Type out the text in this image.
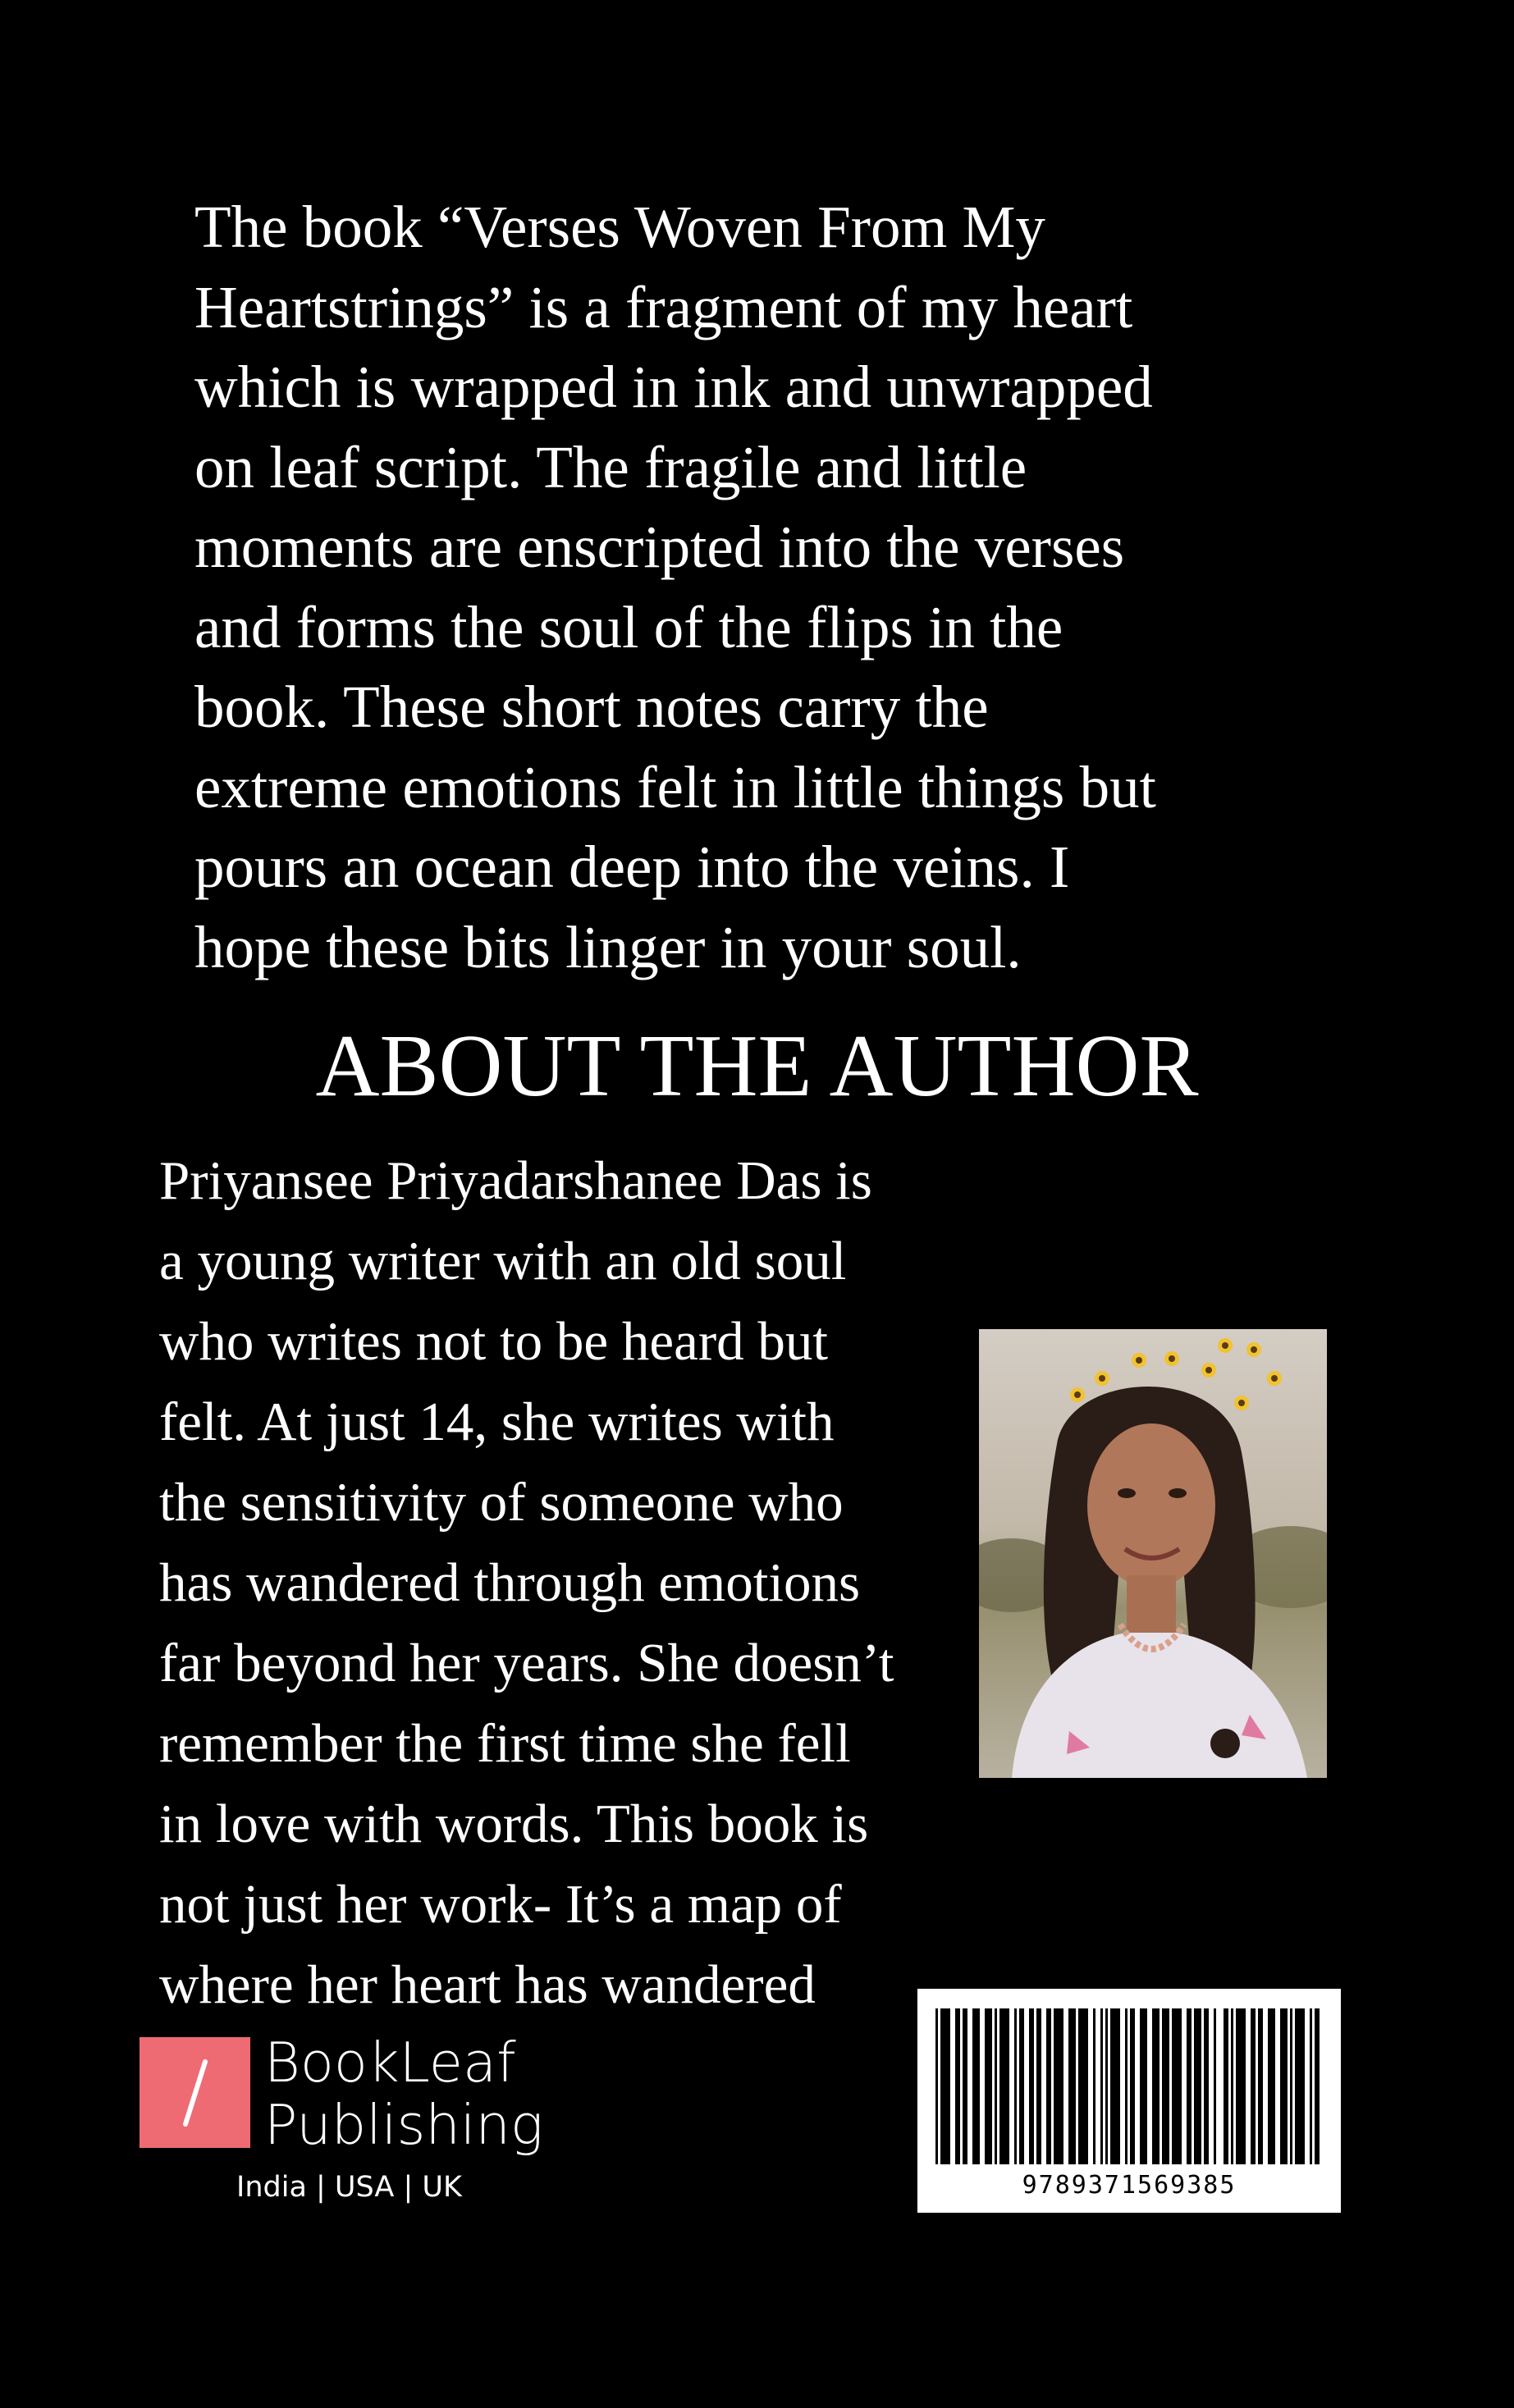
The book “Verses Woven From My
Heartstrings” is a fragment of my heart
which is wrapped in ink and unwrapped
on leaf script. The fragile and little
moments are enscripted into the verses
and forms the soul of the flips in the
book. These short notes carry the
extreme emotions felt in little things but
pours an ocean deep into the veins. I
hope these bits linger in your soul.
ABOUT THE AUTHOR
Priyansee Priyadarshanee Das is
a young writer with an old soul
who writes not to be heard but
felt. At just 14, she writes with
the sensitivity of someone who
has wandered through emotions
far beyond her years. She doesn’t
remember the first time she fell
in love with words. This book is
not just her work- It’s a map of
where her heart has wandered
BookLeaf
Publishing
India | USA | UK	9789371569385
